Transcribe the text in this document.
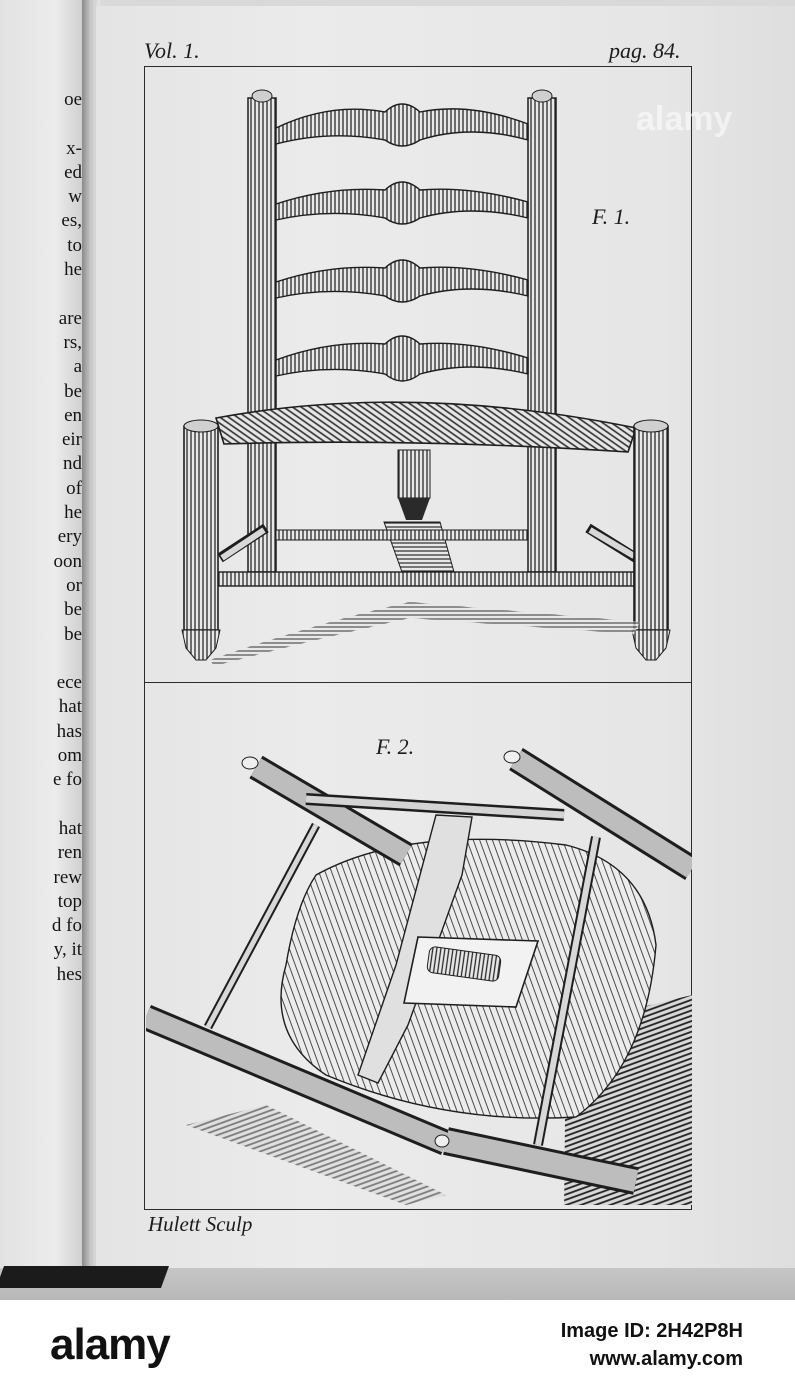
oe
x-
ed
w
es,
to
he
are
rs,
a
be
en
eir
nd
of
he
ery
oon
or
be
be
ece
hat
has
om
e fo
hat
ren
rew
top
d fo
y, it
hes
Vol. 1.	pag. 84.
F. 1.
F. 2.
Hulett Sculp
alamy
alamy	Image ID: 2H42P8H
www.alamy.com
